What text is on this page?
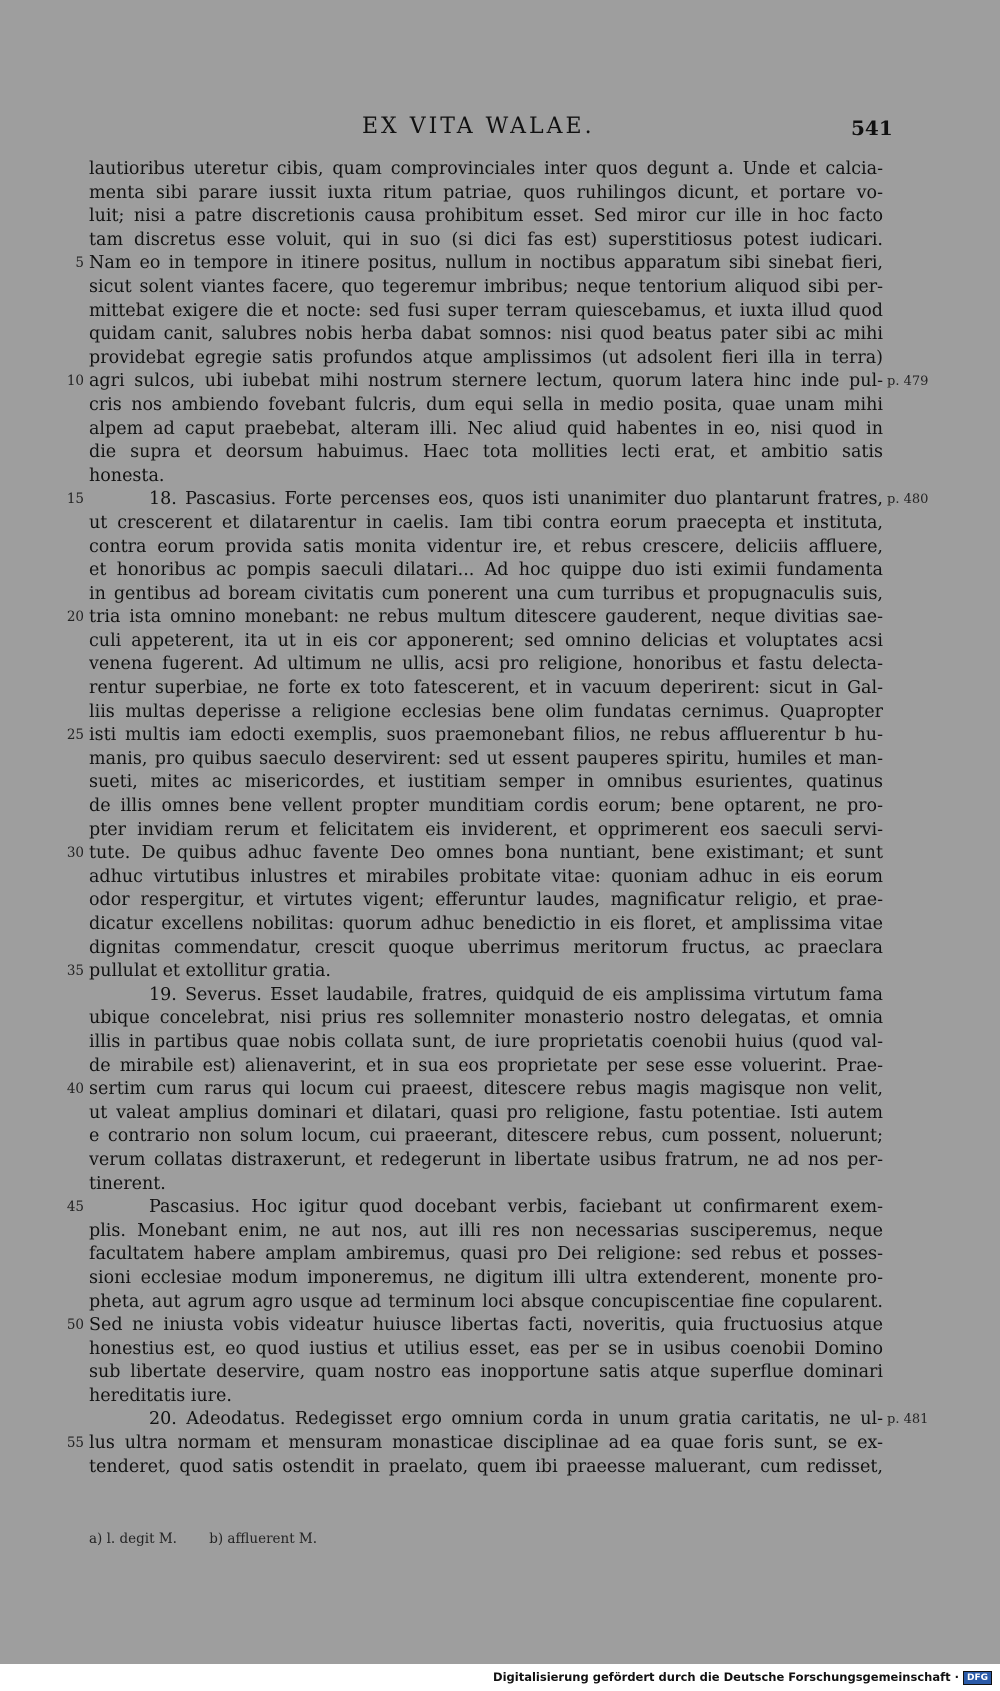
EX VITA WALAE.	541
lautioribus uteretur cibis, quam comprovinciales inter quos degunt a. Unde et calcia-
menta sibi parare iussit iuxta ritum patriae, quos ruhilingos dicunt, et portare vo-
luit; nisi a patre discretionis causa prohibitum esset. Sed miror cur ille in hoc facto
tam discretus esse voluit, qui in suo (si dici fas est) superstitiosus potest iudicari.
5 Nam eo in tempore in itinere positus, nullum in noctibus apparatum sibi sinebat fieri,
sicut solent viantes facere, quo tegeremur imbribus; neque tentorium aliquod sibi per-
mittebat exigere die et nocte: sed fusi super terram quiescebamus, et iuxta illud quod
quidam canit, salubres nobis herba dabat somnos: nisi quod beatus pater sibi ac mihi
providebat egregie satis profundos atque amplissimos (ut adsolent fieri illa in terra)
10 agri sulcos, ubi iubebat mihi nostrum sternere lectum, quorum latera hinc inde pul- p. 479
cris nos ambiendo fovebant fulcris, dum equi sella in medio posita, quae unam mihi
alpem ad caput praebebat, alteram illi. Nec aliud quid habentes in eo, nisi quod in
die supra et deorsum habuimus. Haec tota mollities lecti erat, et ambitio satis
honesta.
15	18. Pascasius. Forte percenses eos, quos isti unanimiter duo plantarunt fratres, p. 480
ut crescerent et dilatarentur in caelis. Iam tibi contra eorum praecepta et instituta,
contra eorum provida satis monita videntur ire, et rebus crescere, deliciis affluere,
et honoribus ac pompis saeculi dilatari... Ad hoc quippe duo isti eximii fundamenta
in gentibus ad boream civitatis cum ponerent una cum turribus et propugnaculis suis,
20 tria ista omnino monebant: ne rebus multum ditescere gauderent, neque divitias sae-
culi appeterent, ita ut in eis cor apponerent; sed omnino delicias et voluptates acsi
venena fugerent. Ad ultimum ne ullis, acsi pro religione, honoribus et fastu delecta-
rentur superbiae, ne forte ex toto fatescerent, et in vacuum deperirent: sicut in Gal-
liis multas deperisse a religione ecclesias bene olim fundatas cernimus. Quapropter
25 isti multis iam edocti exemplis, suos praemonebant filios, ne rebus affluerentur b hu-
manis, pro quibus saeculo deservirent: sed ut essent pauperes spiritu, humiles et man-
sueti, mites ac misericordes, et iustitiam semper in omnibus esurientes, quatinus
de illis omnes bene vellent propter munditiam cordis eorum; bene optarent, ne pro-
pter invidiam rerum et felicitatem eis inviderent, et opprimerent eos saeculi servi-
30 tute. De quibus adhuc favente Deo omnes bona nuntiant, bene existimant; et sunt
adhuc virtutibus inlustres et mirabiles probitate vitae: quoniam adhuc in eis eorum
odor respergitur, et virtutes vigent; efferuntur laudes, magnificatur religio, et prae-
dicatur excellens nobilitas: quorum adhuc benedictio in eis floret, et amplissima vitae
dignitas commendatur, crescit quoque uberrimus meritorum fructus, ac praeclara
35 pullulat et extollitur gratia.
19. Severus. Esset laudabile, fratres, quidquid de eis amplissima virtutum fama
ubique concelebrat, nisi prius res sollemniter monasterio nostro delegatas, et omnia
illis in partibus quae nobis collata sunt, de iure proprietatis coenobii huius (quod val-
de mirabile est) alienaverint, et in sua eos proprietate per sese esse voluerint. Prae-
40 sertim cum rarus qui locum cui praeest, ditescere rebus magis magisque non velit,
ut valeat amplius dominari et dilatari, quasi pro religione, fastu potentiae. Isti autem
e contrario non solum locum, cui praeerant, ditescere rebus, cum possent, noluerunt;
verum collatas distraxerunt, et redegerunt in libertate usibus fratrum, ne ad nos per-
tinerent.
45	Pascasius. Hoc igitur quod docebant verbis, faciebant ut confirmarent exem-
plis. Monebant enim, ne aut nos, aut illi res non necessarias susciperemus, neque
facultatem habere amplam ambiremus, quasi pro Dei religione: sed rebus et posses-
sioni ecclesiae modum imponeremus, ne digitum illi ultra extenderent, monente pro-
pheta, aut agrum agro usque ad terminum loci absque concupiscentiae fine copularent.
50 Sed ne iniusta vobis videatur huiusce libertas facti, noveritis, quia fructuosius atque
honestius est, eo quod iustius et utilius esset, eas per se in usibus coenobii Domino
sub libertate deservire, quam nostro eas inopportune satis atque superflue dominari
hereditatis iure.
20. Adeodatus. Redegisset ergo omnium corda in unum gratia caritatis, ne ul- p. 481
55 lus ultra normam et mensuram monasticae disciplinae ad ea quae foris sunt, se ex-
tenderet, quod satis ostendit in praelato, quem ibi praeesse maluerant, cum redisset,
a) l. degit M. b) affluerent M.
Digitalisierung gefördert durch die Deutsche Forschungsgemeinschaft · DFG
